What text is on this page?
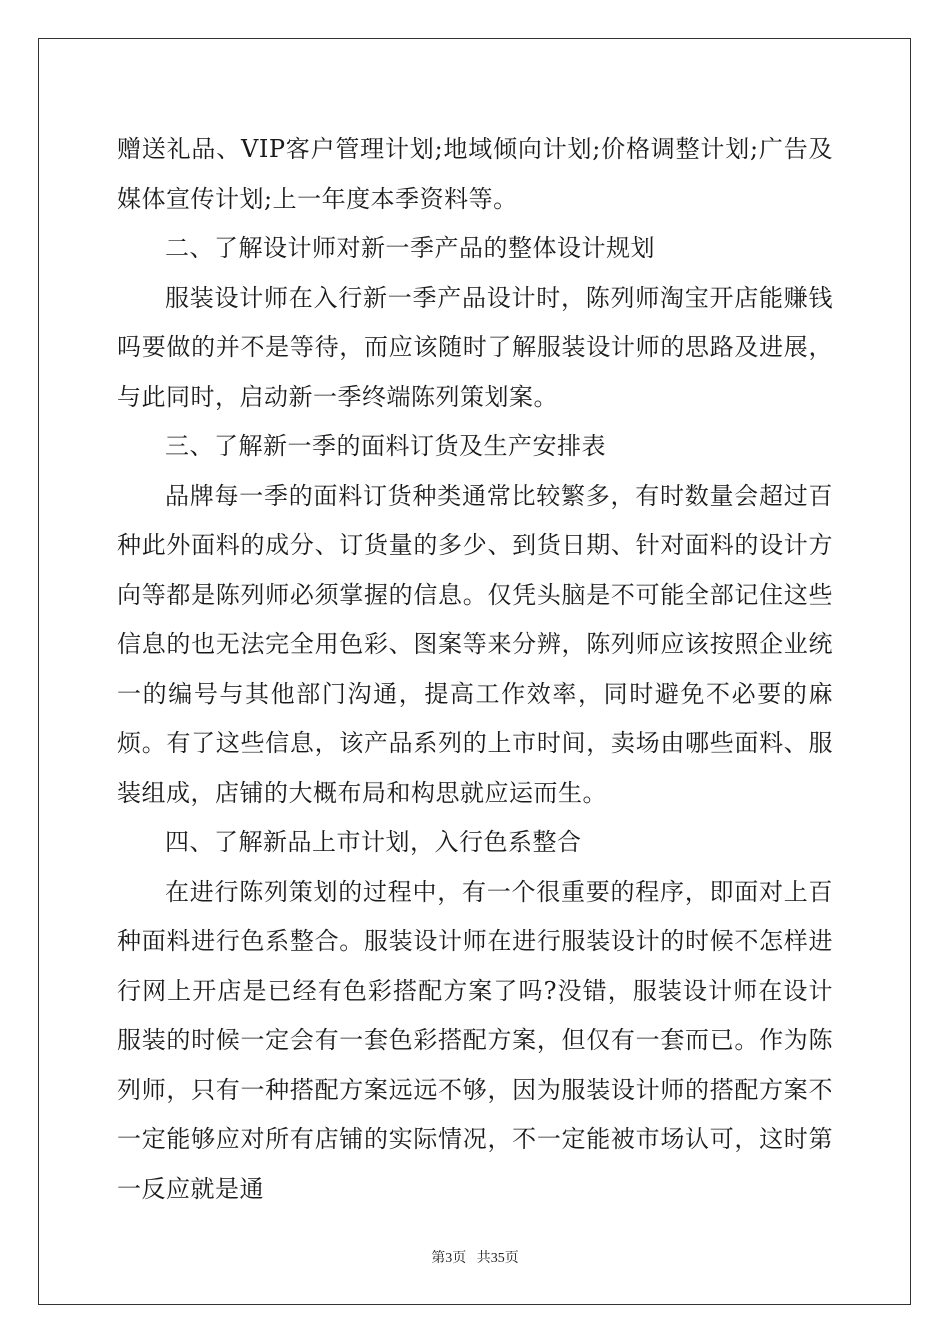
赠送礼品、VIP客户管理计划;地域倾向计划;价格调整计划;广告及媒体宣传计划;上一年度本季资料等。

二、了解设计师对新一季产品的整体设计规划

服装设计师在入行新一季产品设计时，陈列师淘宝开店能赚钱吗要做的并不是等待，而应该随时了解服装设计师的思路及进展，与此同时，启动新一季终端陈列策划案。

三、了解新一季的面料订货及生产安排表

品牌每一季的面料订货种类通常比较繁多，有时数量会超过百种此外面料的成分、订货量的多少、到货日期、针对面料的设计方向等都是陈列师必须掌握的信息。仅凭头脑是不可能全部记住这些信息的也无法完全用色彩、图案等来分辨，陈列师应该按照企业统一的编号与其他部门沟通，提高工作效率，同时避免不必要的麻烦。有了这些信息，该产品系列的上市时间，卖场由哪些面料、服装组成，店铺的大概布局和构思就应运而生。

四、了解新品上市计划，入行色系整合

在进行陈列策划的过程中，有一个很重要的程序，即面对上百种面料进行色系整合。服装设计师在进行服装设计的时候不怎样进行网上开店是已经有色彩搭配方案了吗?没错，服装设计师在设计服装的时候一定会有一套色彩搭配方案，但仅有一套而已。作为陈列师，只有一种搭配方案远远不够，因为服装设计师的搭配方案不一定能够应对所有店铺的实际情况，不一定能被市场认可，这时第一反应就是通

第3页 共35页
